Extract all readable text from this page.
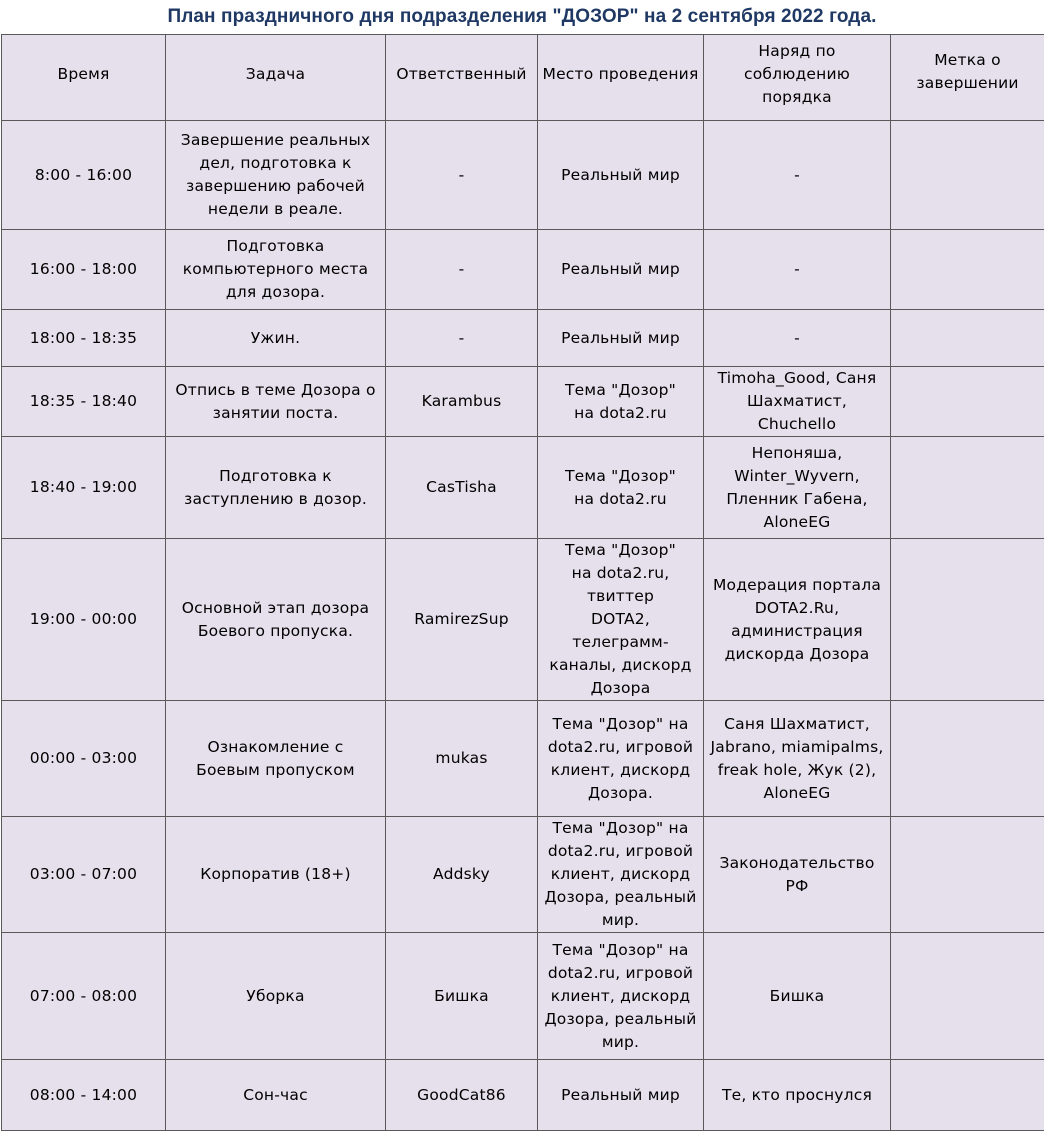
План праздничного дня подразделения "ДОЗОР" на 2 сентября 2022 года.
Время	Задача	Ответственный	Место проведения	Наряд по
соблюдению
порядка	Метка о
завершении

8:00 - 16:00	Завершение реальных
дел, подготовка к
завершению рабочей
недели в реале.	-	Реальный мир	-	

16:00 - 18:00	Подготовка
компьютерного места
для дозора.	-	Реальный мир	-	

18:00 - 18:35	Ужин.	-	Реальный мир	-	

18:35 - 18:40	Отпись в теме Дозора о
занятии поста.	Karambus	Тема "Дозор"
на dota2.ru	Timoha_Good, Саня
Шахматист,
Chuchello	

18:40 - 19:00	Подготовка к
заступлению в дозор.	CasTisha	Тема "Дозор"
на dota2.ru	Непоняша,
Winter_Wyvern,
Пленник Габена,
AloneEG	

19:00 - 00:00	Основной этап дозора
Боевого пропуска.	RamirezSup	Тема "Дозор"
на dota2.ru, твиттер
DOTA2, телеграмм-
каналы, дискорд
Дозора	Модерация портала
DOTA2.Ru,
администрация
дискорда Дозора	

00:00 - 03:00	Ознакомление с
Боевым пропуском	mukas	Тема "Дозор" на
dota2.ru, игровой
клиент, дискорд
Дозора.	Саня Шахматист,
Jabrano, miamipalms,
freak hole, Жук (2),
AloneEG	

03:00 - 07:00	Корпоратив (18+)	Addsky	Тема "Дозор" на
dota2.ru, игровой
клиент, дискорд
Дозора, реальный
мир.	Законодательство
РФ	

07:00 - 08:00	Уборка	Бишка	Тема "Дозор" на
dota2.ru, игровой
клиент, дискорд
Дозора, реальный
мир.	Бишка	

08:00 - 14:00	Сон-час	GoodCat86	Реальный мир	Те, кто проснулся	
